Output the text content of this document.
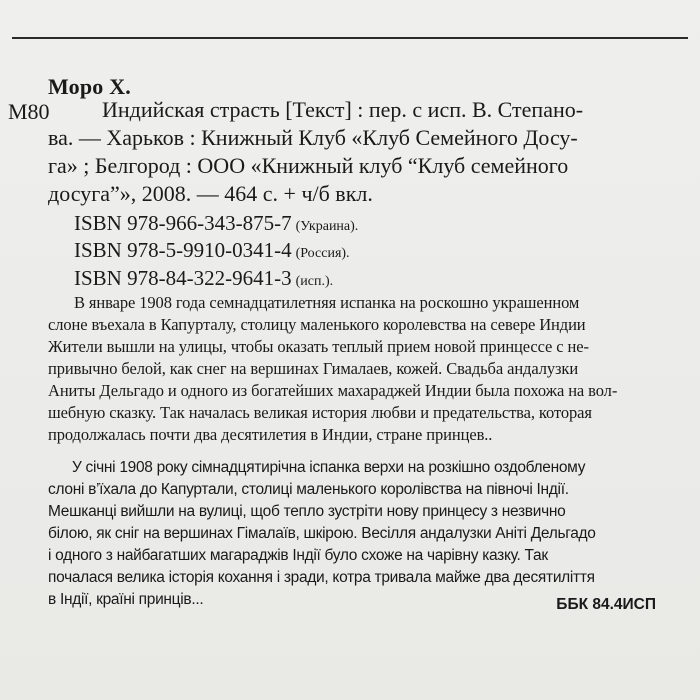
Моро Х.
М80 Индийская страсть [Текст] : пер. с исп. В. Степано-
ва. — Харьков : Книжный Клуб «Клуб Семейного Досу-
га» ; Белгород : ООО «Книжный клуб “Клуб семейного
досуга”», 2008. — 464 с. + ч/б вкл.
ISBN 978-966-343-875-7 (Украина).
ISBN 978-5-9910-0341-4 (Россия).
ISBN 978-84-322-9641-3 (исп.).
В январе 1908 года семнадцатилетняя испанка на роскошно украшенном
слоне въехала в Капурталу, столицу маленького королевства на севере Индии
Жители вышли на улицы, чтобы оказать теплый прием новой принцессе с не-
привычно белой, как снег на вершинах Гималаев, кожей. Свадьба андалузки
Аниты Дельгадо и одного из богатейших махараджей Индии была похожа на вол-
шебную сказку. Так началась великая история любви и предательства, которая
продолжалась почти два десятилетия в Индии, стране принцев..
У січні 1908 року сімнадцятирічна іспанка верхи на розкішно оздобленому
слоні в’їхала до Капуртали, столиці маленького королівства на півночі Індії.
Мешканці вийшли на вулиці, щоб тепло зустріти нову принцесу з незвично
білою, як сніг на вершинах Гімалаїв, шкірою. Весілля андалузки Аніті Дельгадо
і одного з найбагатших магараджів Індії було схоже на чарівну казку. Так
почалася велика історія кохання і зради, котра тривала майже два десятиліття
в Індії, країні принців...	ББК 84.4ИСП
